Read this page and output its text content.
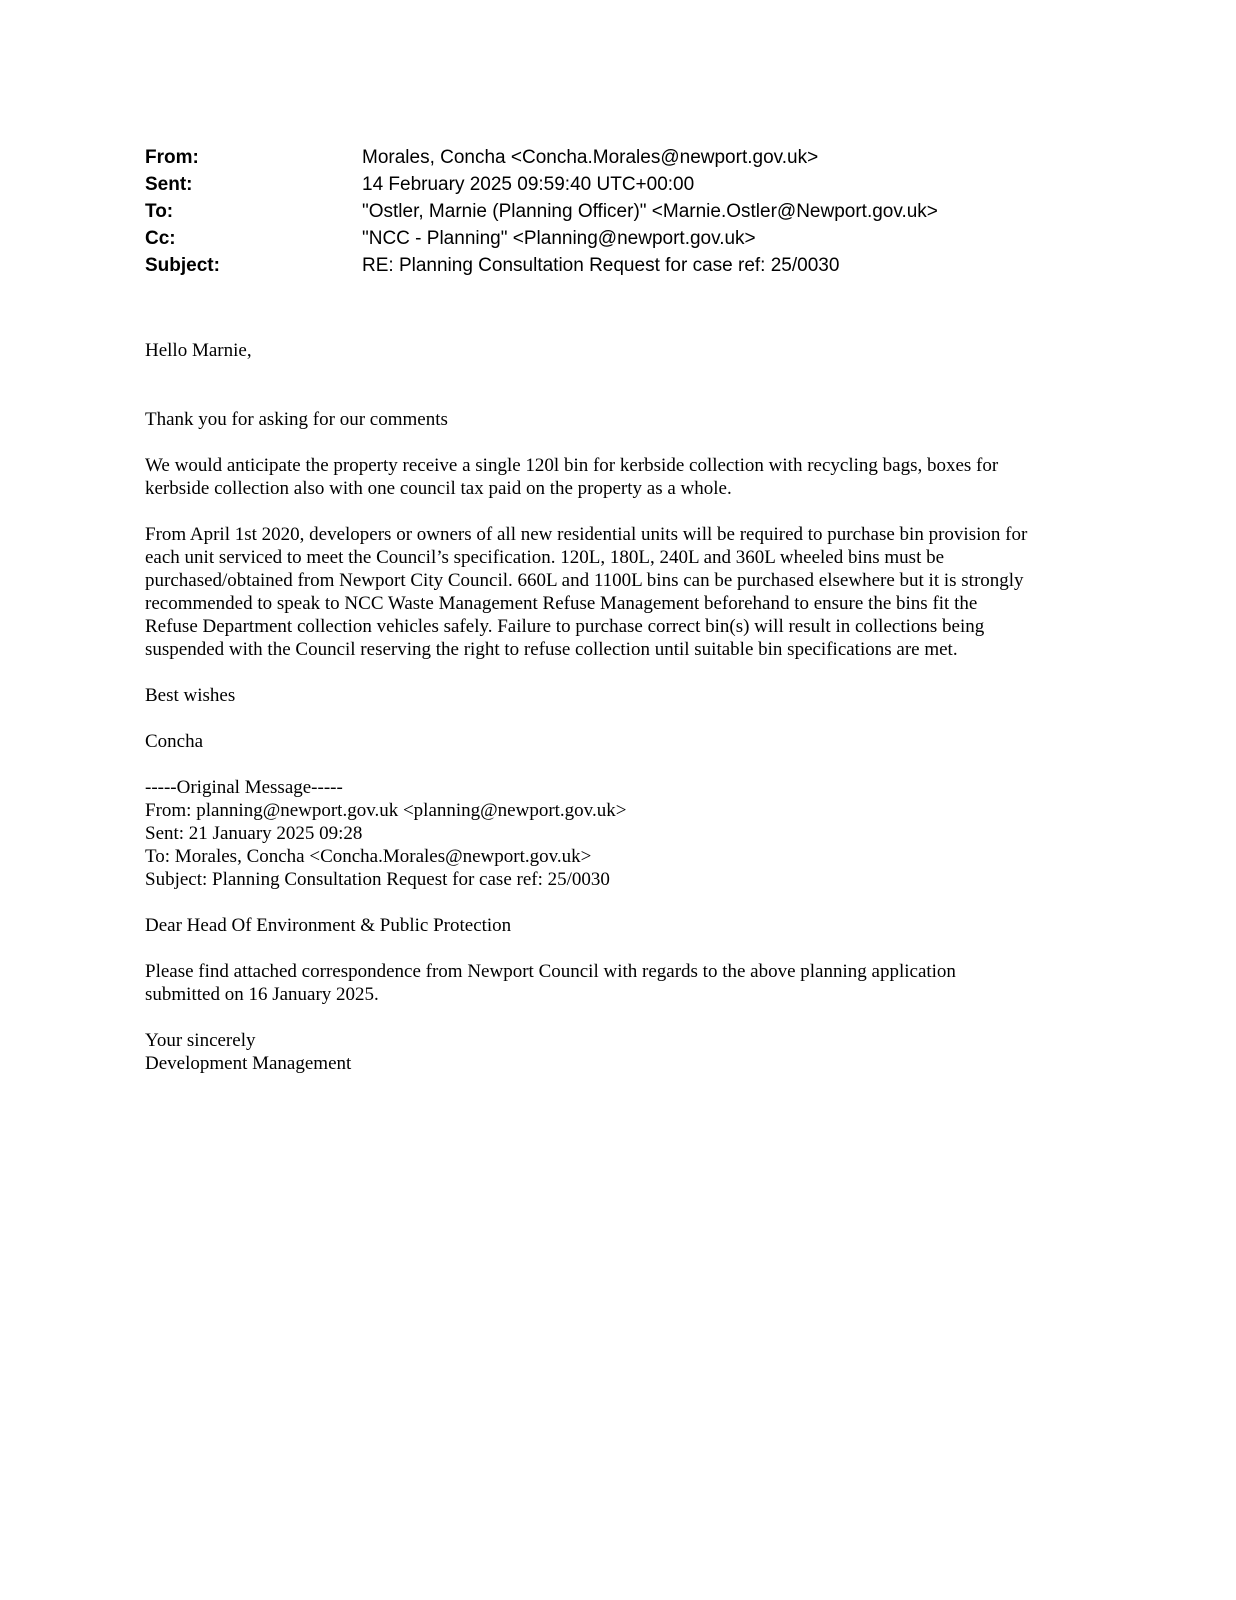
From:	Morales, Concha <Concha.Morales@newport.gov.uk>
Sent:	14 February 2025 09:59:40 UTC+00:00
To:	"Ostler, Marnie (Planning Officer)" <Marnie.Ostler@Newport.gov.uk>
Cc:	"NCC - Planning" <Planning@newport.gov.uk>
Subject:	RE: Planning Consultation Request for case ref: 25/0030

Hello Marnie,

Thank you for asking for our comments

We would anticipate the property receive a single 120l bin for kerbside collection with recycling bags, boxes for
kerbside collection also with one council tax paid on the property as a whole.

From April 1st 2020, developers or owners of all new residential units will be required to purchase bin provision for
each unit serviced to meet the Council’s specification. 120L, 180L, 240L and 360L wheeled bins must be
purchased/obtained from Newport City Council. 660L and 1100L bins can be purchased elsewhere but it is strongly
recommended to speak to NCC Waste Management Refuse Management beforehand to ensure the bins fit the
Refuse Department collection vehicles safely. Failure to purchase correct bin(s) will result in collections being
suspended with the Council reserving the right to refuse collection until suitable bin specifications are met.

Best wishes

Concha

-----Original Message-----

From: planning@newport.gov.uk <planning@newport.gov.uk>

Sent: 21 January 2025 09:28

To: Morales, Concha <Concha.Morales@newport.gov.uk>

Subject: Planning Consultation Request for case ref: 25/0030

Dear Head Of Environment & Public Protection

Please find attached correspondence from Newport Council with regards to the above planning application
submitted on 16 January 2025.

Your sincerely

Development Management
